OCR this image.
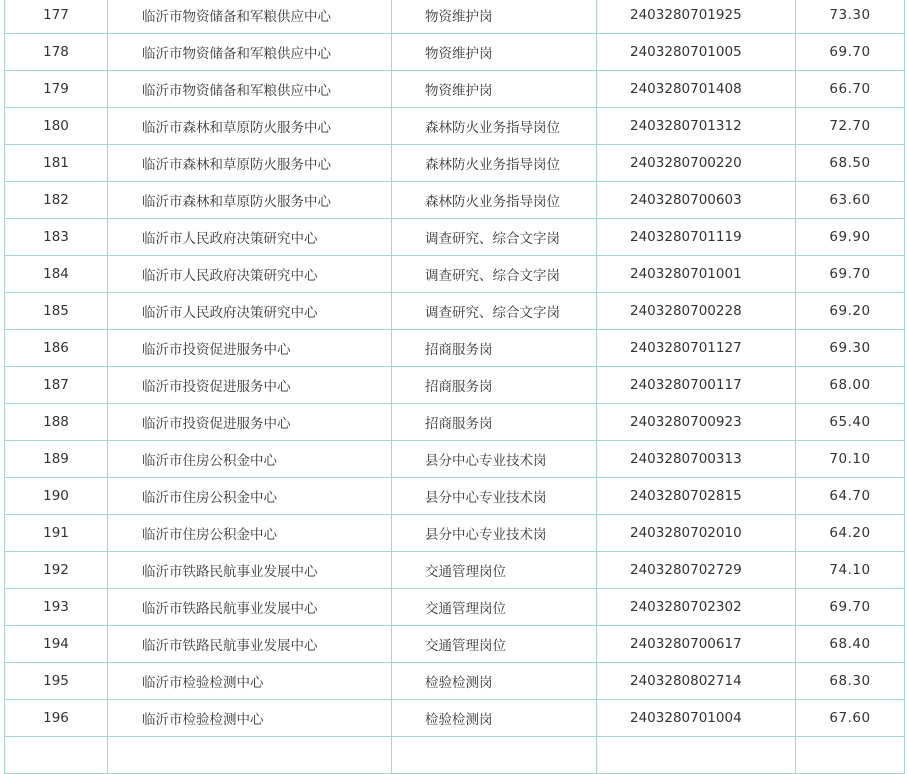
177	临沂市物资储备和军粮供应中心	物资维护岗	2403280701925	73.30
178	临沂市物资储备和军粮供应中心	物资维护岗	2403280701005	69.70
179	临沂市物资储备和军粮供应中心	物资维护岗	2403280701408	66.70
180	临沂市森林和草原防火服务中心	森林防火业务指导岗位	2403280701312	72.70
181	临沂市森林和草原防火服务中心	森林防火业务指导岗位	2403280700220	68.50
182	临沂市森林和草原防火服务中心	森林防火业务指导岗位	2403280700603	63.60
183	临沂市人民政府决策研究中心	调查研究、综合文字岗	2403280701119	69.90
184	临沂市人民政府决策研究中心	调查研究、综合文字岗	2403280701001	69.70
185	临沂市人民政府决策研究中心	调查研究、综合文字岗	2403280700228	69.20
186	临沂市投资促进服务中心	招商服务岗	2403280701127	69.30
187	临沂市投资促进服务中心	招商服务岗	2403280700117	68.00
188	临沂市投资促进服务中心	招商服务岗	2403280700923	65.40
189	临沂市住房公积金中心	县分中心专业技术岗	2403280700313	70.10
190	临沂市住房公积金中心	县分中心专业技术岗	2403280702815	64.70
191	临沂市住房公积金中心	县分中心专业技术岗	2403280702010	64.20
192	临沂市铁路民航事业发展中心	交通管理岗位	2403280702729	74.10
193	临沂市铁路民航事业发展中心	交通管理岗位	2403280702302	69.70
194	临沂市铁路民航事业发展中心	交通管理岗位	2403280700617	68.40
195	临沂市检验检测中心	检验检测岗	2403280802714	68.30
196	临沂市检验检测中心	检验检测岗	2403280701004	67.60
